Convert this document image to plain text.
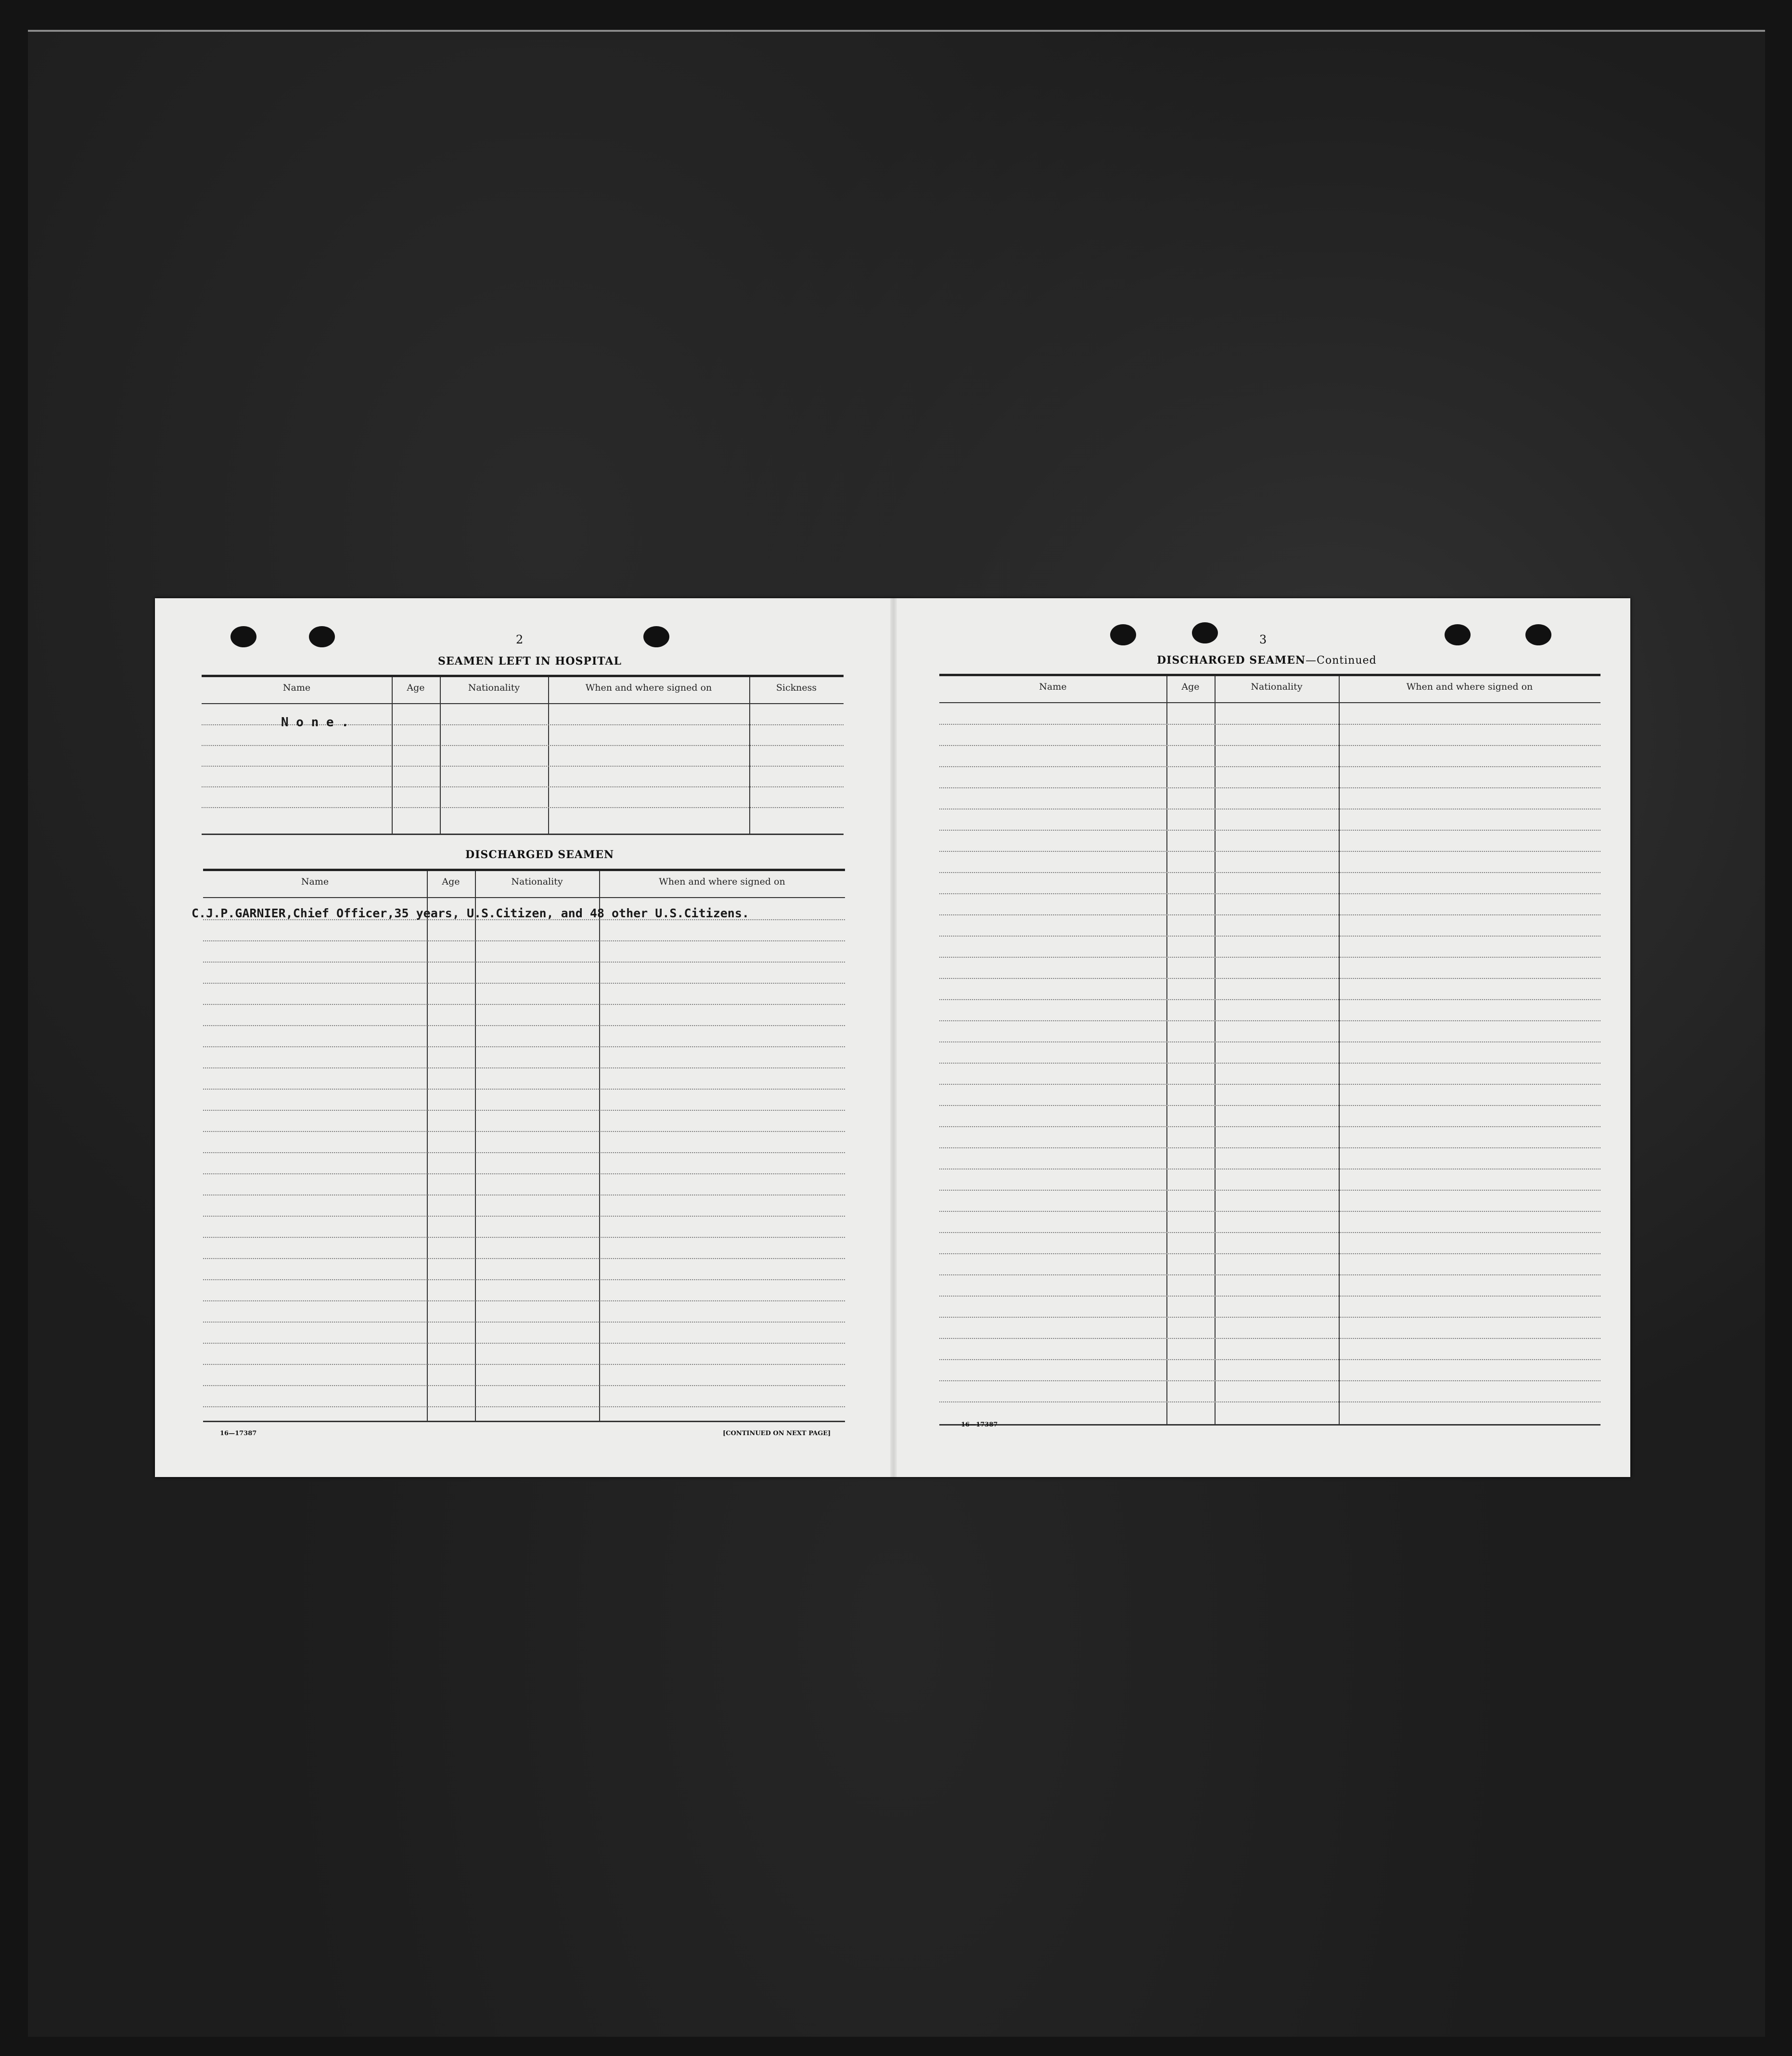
2
SEAMEN LEFT IN HOSPITAL
Name	Age	Nationality	When and where signed on	Sickness
N o n e .
DISCHARGED SEAMEN
Name	Age	Nationality	When and where signed on
C.J.P.GARNIER,Chief Officer,35 years, U.S.Citizen, and 48 other U.S.Citizens.
16—17387	[CONTINUED ON NEXT PAGE]
3
DISCHARGED SEAMEN—Continued
Name	Age	Nationality	When and where signed on
16—17387
